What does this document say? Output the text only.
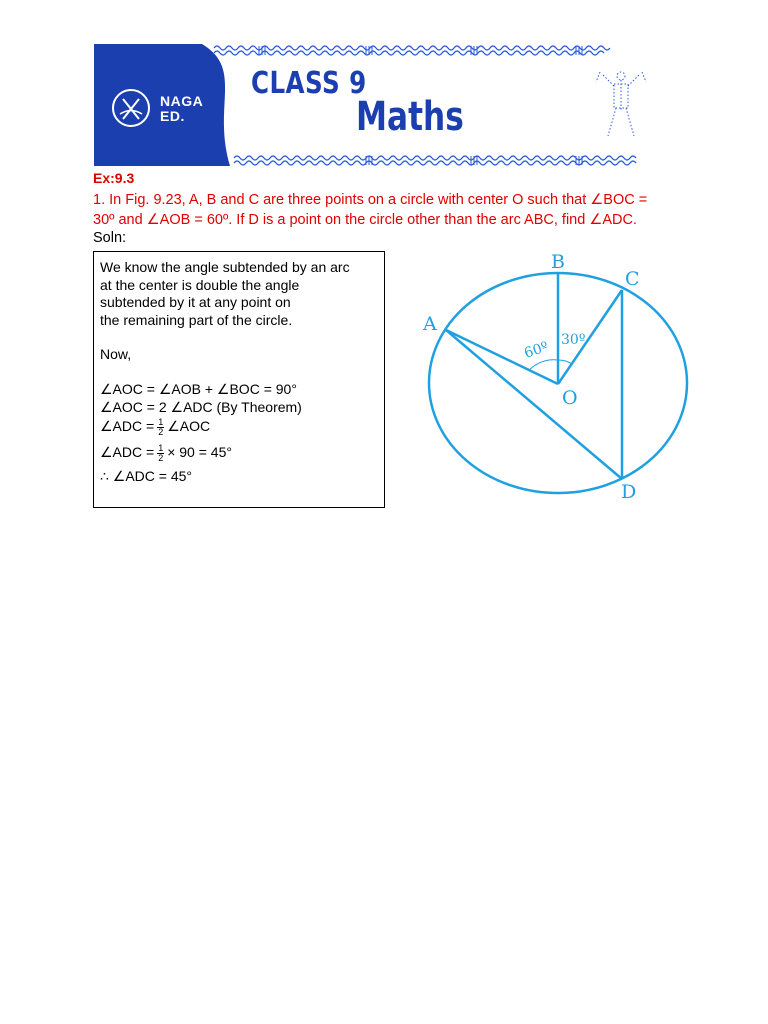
NAGA
ED.
CLASS 9
Maths
Ex:9.3
1. In Fig. 9.23, A, B and C are three points on a circle with center O such that ∠BOC =
30º and ∠AOB = 60º. If D is a point on the circle other than the arc ABC, find ∠ADC.
Soln:
We know the angle subtended by an arc
at the center is double the angle
subtended by it at any point on
the remaining part of the circle.
Now,
∠AOC = ∠AOB + ∠BOC = 90°
∠AOC = 2 ∠ADC (By Theorem)
∠ADC = $\frac{1}{2}$ ∠AOC
∠ADC = $\frac{1}{2} \times 90 = 45^\circ$
∴ ∠ADC = 45°
B
C
A
O
D
60º 30º
